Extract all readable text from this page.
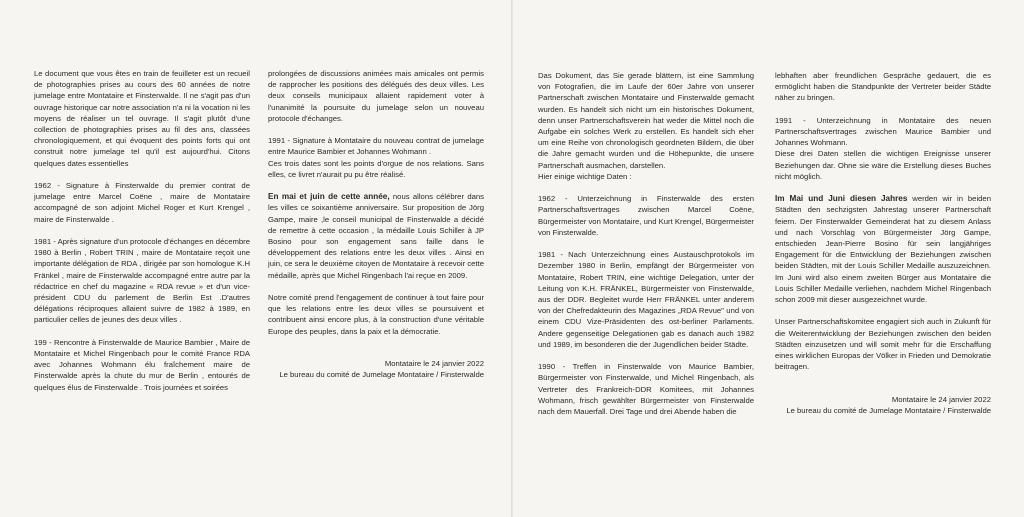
Le document que vous êtes en train de feuilleter est un recueil de photographies prises au cours des 60 années de notre jumelage entre Montataire et Finsterwalde. Il ne s'agit pas d'un ouvrage historique car notre association n'a ni la vocation ni les moyens de réaliser un tel ouvrage. Il s'agit plutôt d'une collection de photographies prises au fil des ans, classées chronologiquement, et qui évoquent des points forts qui ont construit notre jumelage tel qu'il est aujourd'hui. Citons quelques dates essentielles

1962 - Signature à Finsterwalde du premier contrat de jumelage entre Marcel Coëne , maire de Montataire accompagné de son adjoint Michel Roger et Kurt Krengel , maire de Finsterwalde .

1981 - Après signature d'un protocole d'échanges en décembre 1980 à Berlin , Robert TRIN , maire de Montataire reçoit une importante délégation de RDA , dirigée par son homologue K.H Fränkel , maire de Finsterwalde accompagné entre autre par la rédactrice en chef du magazine « RDA revue » et d'un vice-président CDU du parlement de Berlin Est .D'autres délégations réciproques allaient suivre de 1982 à 1989, en particulier celles de jeunes des deux villes .

199 - Rencontre à Finsterwalde de Maurice Bambier , Maire de Montataire et Michel Ringenbach pour le comité France RDA avec Johannes Wohmann élu fraîchement maire de Finsterwalde après la chute du mur de Berlin , entourés de quelques élus de Finsterwalde . Trois journées et soirées

prolongées de discussions animées mais amicales ont permis de rapprocher les positions des délégués des deux villes. Les deux conseils municipaux allaient rapidement voter à l'unanimité la poursuite du jumelage selon un nouveau protocole d'échanges.

1991 - Signature à Montataire du nouveau contrat de jumelage entre Maurice Bambier et Johannes Wohmann .

Ces trois dates sont les points d'orgue de nos relations. Sans elles, ce livret n'aurait pu pu être réalisé.

En mai et juin de cette année, nous allons célébrer dans les villes ce soixantième anniversaire. Sur proposition de Jörg Gampe, maire ,le conseil municipal de Finsterwalde a décidé de remettre à cette occasion , la médaille Louis Schiller à JP Bosino pour son engagement sans faille dans le développement des relations entre les deux villes . Ainsi en juin, ce sera le deuxième citoyen de Montataire à recevoir cette médaille, après que Michel Ringenbach l'ai reçue en 2009.

Notre comité prend l'engagement de continuer à tout faire pour que les relations entre les deux villes se poursuivent et contribuent ainsi encore plus, à la construction d'une véritable Europe des peuples, dans la paix et la démocratie.

Montataire le 24 janvier 2022
Le bureau du comité de Jumelage Montataire / Finsterwalde

Das Dokument, das Sie gerade blättern, ist eine Sammlung von Fotografien, die im Laufe der 60er Jahre von unserer Partnerschaft zwischen Montataire und Finsterwalde gemacht wurden. Es handelt sich nicht um ein historisches Dokument, denn unser Partnerschaftsverein hat weder die Mittel noch die Aufgabe ein solches Werk zu erstellen. Es handelt sich eher um eine Reihe von chronologisch geordneten Bildern, die über die Jahre gemacht wurden und die Höhepunkte, die unsere Partnerschaft ausmachen, darstellen.

Hier einige wichtige Daten :

1962 - Unterzeichnung in Finsterwalde des ersten Partnerschaftsvertrages zwischen Marcel Coëne, Bürgermeister von Montataire, und Kurt Krengel, Bürgermeister von Finsterwalde.

1981 - Nach Unterzeichnung eines Austauschprotokols im Dezember 1980 in Berlin, empfängt der Bürgermeister von Montataire, Robert TRIN, eine wichtige Delegation, unter der Leitung von K.H. FRÄNKEL, Bürgermeister von Finsterwalde, aus der DDR. Begleitet wurde Herr FRÄNKEL unter anderem von der Chefredakteurin des Magazines „RDA Revue" und von einem CDU Vize-Präsidenten des ost-berliner Parlaments. Andere gegenseitige Delegationen gab es danach auch 1982 und 1989, im besonderen die der Jugendlichen beider Städte.

1990 - Treffen in Finsterwalde von Maurice Bambier, Bürgermeister von Finsterwalde, und Michel Ringenbach, als Vertreter des Frankreich-DDR Komitees, mit Johannes Wohmann, frisch gewählter Bürgermeister von Finsterwalde nach dem Mauerfall. Drei Tage und drei Abende haben die

lebhaften aber freundlichen Gespräche gedauert, die es ermöglicht haben die Standpunkte der Vertreter beider Städte näher zu bringen.

1991 - Unterzeichnung in Montataire des neuen Partnerschaftsvertrages zwischen Maurice Bambier und Johannes Wohmann.

Diese drei Daten stellen die wichtigen Ereignisse unserer Beziehungen dar. Ohne sie wäre die Erstellung dieses Buches nicht möglich.

Im Mai und Juni diesen Jahres werden wir in beiden Städten den sechzigsten Jahrestag unserer Partnerschaft feiern. Der Finsterwalder Gemeinderat hat zu diesem Anlass und nach Vorschlag von Bürgermeister Jörg Gampe, entschieden Jean-Pierre Bosino für sein langjähriges Engagement für die Entwicklung der Beziehungen zwischen beiden Städten, mit der Louis Schiller Medaille auszuzeichnen. Im Juni wird also einem zweiten Bürger aus Montataire die Louis Schiller Medaille verliehen, nachdem Michel Ringenbach schon 2009 mit dieser ausgezeichnet wurde.

Unser Partnerschaftskomitee engagiert sich auch in Zukunft für die Weiterentwicklung der Beziehungen zwischen den beiden Städten einzusetzen und will somit mehr für die Erschaffung eines wirklichen Europas der Völker in Frieden und Demokratie beitragen.

Montataire le 24 janvier 2022
Le bureau du comité de Jumelage Montataire / Finsterwalde
